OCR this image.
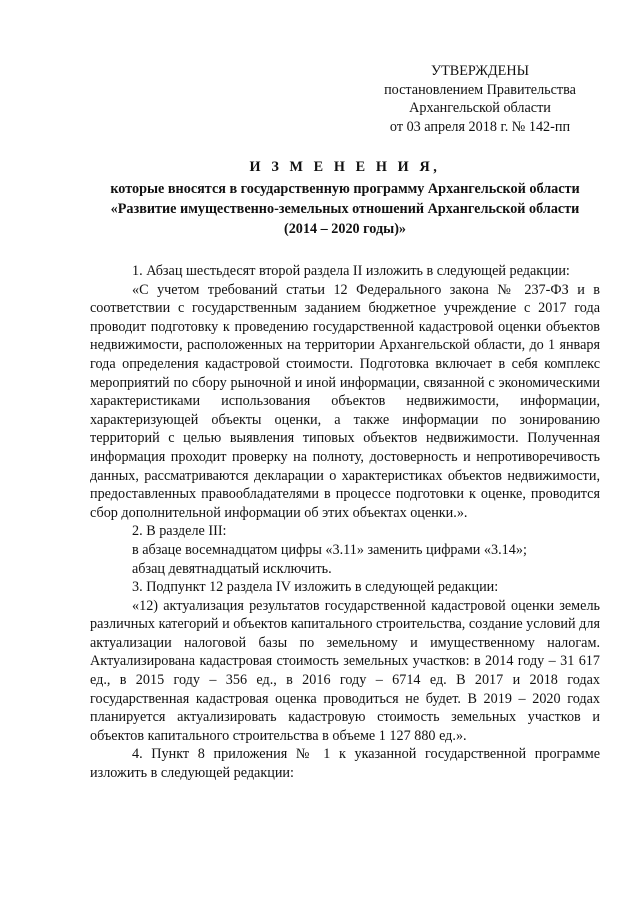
УТВЕРЖДЕНЫ
постановлением Правительства
Архангельской области
от 03 апреля 2018 г. № 142-пп
И З М Е Н Е Н И Я,
которые вносятся в государственную программу Архангельской области
«Развитие имущественно-земельных отношений Архангельской области
(2014 – 2020 годы)»

1. Абзац шестьдесят второй раздела II изложить в следующей редакции:

«С учетом требований статьи 12 Федерального закона № 237-ФЗ и в соответствии с государственным заданием бюджетное учреждение с 2017 года проводит подготовку к проведению государственной кадастровой оценки объектов недвижимости, расположенных на территории Архангельской области, до 1 января года определения кадастровой стоимости. Подготовка включает в себя комплекс мероприятий по сбору рыночной и иной информации, связанной с экономическими характеристиками использования объектов недвижимости, информации, характеризующей объекты оценки, а также информации по зонированию территорий с целью выявления типовых объектов недвижимости. Полученная информация проходит проверку на полноту, достоверность и непротиворечивость данных, рассматриваются декларации о характеристиках объектов недвижимости, предоставленных правообладателями в процессе подготовки к оценке, проводится сбор дополнительной информации об этих объектах оценки.».

2. В разделе III:

в абзаце восемнадцатом цифры «3.11» заменить цифрами «3.14»;

абзац девятнадцатый исключить.

3. Подпункт 12 раздела IV изложить в следующей редакции:

«12) актуализация результатов государственной кадастровой оценки земель различных категорий и объектов капитального строительства, создание условий для актуализации налоговой базы по земельному и имущественному налогам. Актуализирована кадастровая стоимость земельных участков: в 2014 году – 31 617 ед., в 2015 году – 356 ед., в 2016 году – 6714 ед. В 2017 и 2018 годах государственная кадастровая оценка проводиться не будет. В 2019 – 2020 годах планируется актуализировать кадастровую стоимость земельных участков и объектов капитального строительства в объеме 1 127 880 ед.».

4. Пункт 8 приложения № 1 к указанной государственной программе изложить в следующей редакции:
